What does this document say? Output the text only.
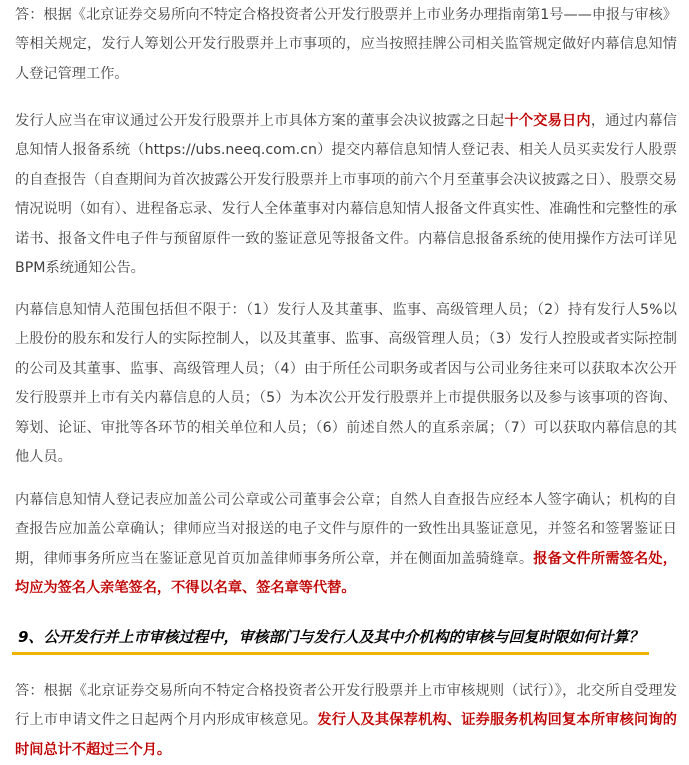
答：根据《北京证券交易所向不特定合格投资者公开发行股票并上市业务办理指南第1号——申报与审核》等相关规定，发行人筹划公开发行股票并上市事项的，应当按照挂牌公司相关监管规定做好内幕信息知情人登记管理工作。

发行人应当在审议通过公开发行股票并上市具体方案的董事会决议披露之日起十个交易日内，通过内幕信息知情人报备系统（https://ubs.neeq.com.cn）提交内幕信息知情人登记表、相关人员买卖发行人股票的自查报告（自查期间为首次披露公开发行股票并上市事项的前六个月至董事会决议披露之日）、股票交易情况说明（如有）、进程备忘录、发行人全体董事对内幕信息知情人报备文件真实性、准确性和完整性的承诺书、报备文件电子件与预留原件一致的鉴证意见等报备文件。内幕信息报备系统的使用操作方法可详见BPM系统通知公告。

内幕信息知情人范围包括但不限于：（1）发行人及其董事、监事、高级管理人员；（2）持有发行人5%以上股份的股东和发行人的实际控制人，以及其董事、监事、高级管理人员；（3）发行人控股或者实际控制的公司及其董事、监事、高级管理人员；（4）由于所任公司职务或者因与公司业务往来可以获取本次公开发行股票并上市有关内幕信息的人员；（5）为本次公开发行股票并上市提供服务以及参与该事项的咨询、筹划、论证、审批等各环节的相关单位和人员；（6）前述自然人的直系亲属；（7）可以获取内幕信息的其他人员。

内幕信息知情人登记表应加盖公司公章或公司董事会公章；自然人自查报告应经本人签字确认；机构的自查报告应加盖公章确认；律师应当对报送的电子文件与原件的一致性出具鉴证意见，并签名和签署鉴证日期，律师事务所应当在鉴证意见首页加盖律师事务所公章，并在侧面加盖骑缝章。报备文件所需签名处，均应为签名人亲笔签名，不得以名章、签名章等代替。

9、公开发行并上市审核过程中，审核部门与发行人及其中介机构的审核与回复时限如何计算？

答：根据《北京证券交易所向不特定合格投资者公开发行股票并上市审核规则（试行）》，北交所自受理发行上市申请文件之日起两个月内形成审核意见。发行人及其保荐机构、证券服务机构回复本所审核问询的时间总计不超过三个月。
